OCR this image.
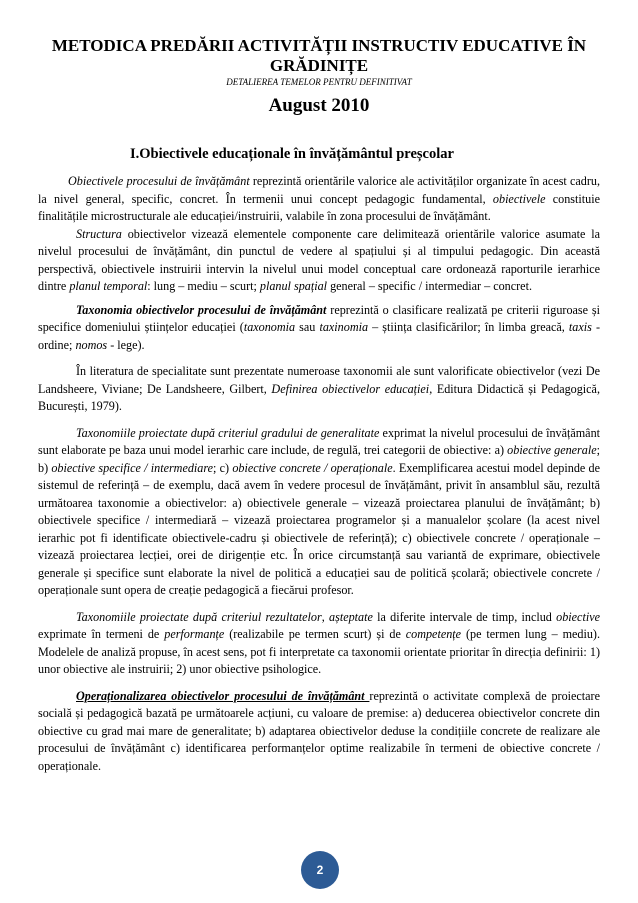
METODICA PREDĂRII ACTIVITĂȚII INSTRUCTIV EDUCATIVE ÎN GRĂDINIȚE
DETALIEREA TEMELOR PENTRU DEFINITIVAT
August 2010
I.Obiectivele educaționale în învățământul preșcolar

Obiectivele procesului de învățământ reprezintă orientările valorice ale activităților organizate în acest cadru, la nivel general, specific, concret. În termenii unui concept pedagogic fundamental, obiectivele constituie finalitățile microstructurale ale educației/instruirii, valabile în zona procesului de învățământ.

Structura obiectivelor vizează elementele componente care delimitează orientările valorice asumate la nivelul procesului de învățământ, din punctul de vedere al spațiului și al timpului pedagogic. Din această perspectivă, obiectivele instruirii intervin la nivelul unui model conceptual care ordonează raporturile ierarhice dintre planul temporal: lung – mediu – scurt; planul spațial general – specific / intermediar – concret.

Taxonomia obiectivelor procesului de învățământ reprezintă o clasificare realizată pe criterii riguroase și specifice domeniului științelor educației (taxonomia sau taxinomia – știința clasificărilor; în limba greacă, taxis - ordine; nomos - lege).

În literatura de specialitate sunt prezentate numeroase taxonomii ale sunt valorificate obiectivelor (vezi De Landsheere, Viviane; De Landsheere, Gilbert, Definirea obiectivelor educației, Editura Didactică și Pedagogică, București, 1979).

Taxonomiile proiectate după criteriul gradului de generalitate exprimat la nivelul procesului de învățământ sunt elaborate pe baza unui model ierarhic care include, de regulă, trei categorii de obiective: a) obiective generale; b) obiective specifice / intermediare; c) obiective concrete / operaționale. Exemplificarea acestui model depinde de sistemul de referință – de exemplu, dacă avem în vedere procesul de învățământ, privit în ansamblul său, rezultă următoarea taxonomie a obiectivelor: a) obiectivele generale – vizează proiectarea planului de învățământ; b) obiectivele specifice / intermediară – vizează proiectarea programelor și a manualelor școlare (la acest nivel ierarhic pot fi identificate obiectivele-cadru și obiectivele de referință); c) obiectivele concrete / operaționale – vizează proiectarea lecției, orei de dirigenție etc. În orice circumstanță sau variantă de exprimare, obiectivele generale și specifice sunt elaborate la nivel de politică a educației sau de politică școlară; obiectivele concrete / operaționale sunt opera de creație pedagogică a fiecărui profesor.

Taxonomiile proiectate după criteriul rezultatelor, așteptate la diferite intervale de timp, includ obiective exprimate în termeni de performanțe (realizabile pe termen scurt) și de competențe (pe termen lung – mediu). Modelele de analiză propuse, în acest sens, pot fi interpretate ca taxonomii orientate prioritar în direcția definirii: 1) unor obiective ale instruirii; 2) unor obiective psihologice.

Operaționalizarea obiectivelor procesului de învățământ reprezintă o activitate complexă de proiectare socială și pedagogică bazată pe următoarele acțiuni, cu valoare de premise: a) deducerea obiectivelor concrete din obiective cu grad mai mare de generalitate; b) adaptarea obiectivelor deduse la condițiile concrete de realizare ale procesului de învățământ c) identificarea performanțelor optime realizabile în termeni de obiective concrete / operaționale.

2
